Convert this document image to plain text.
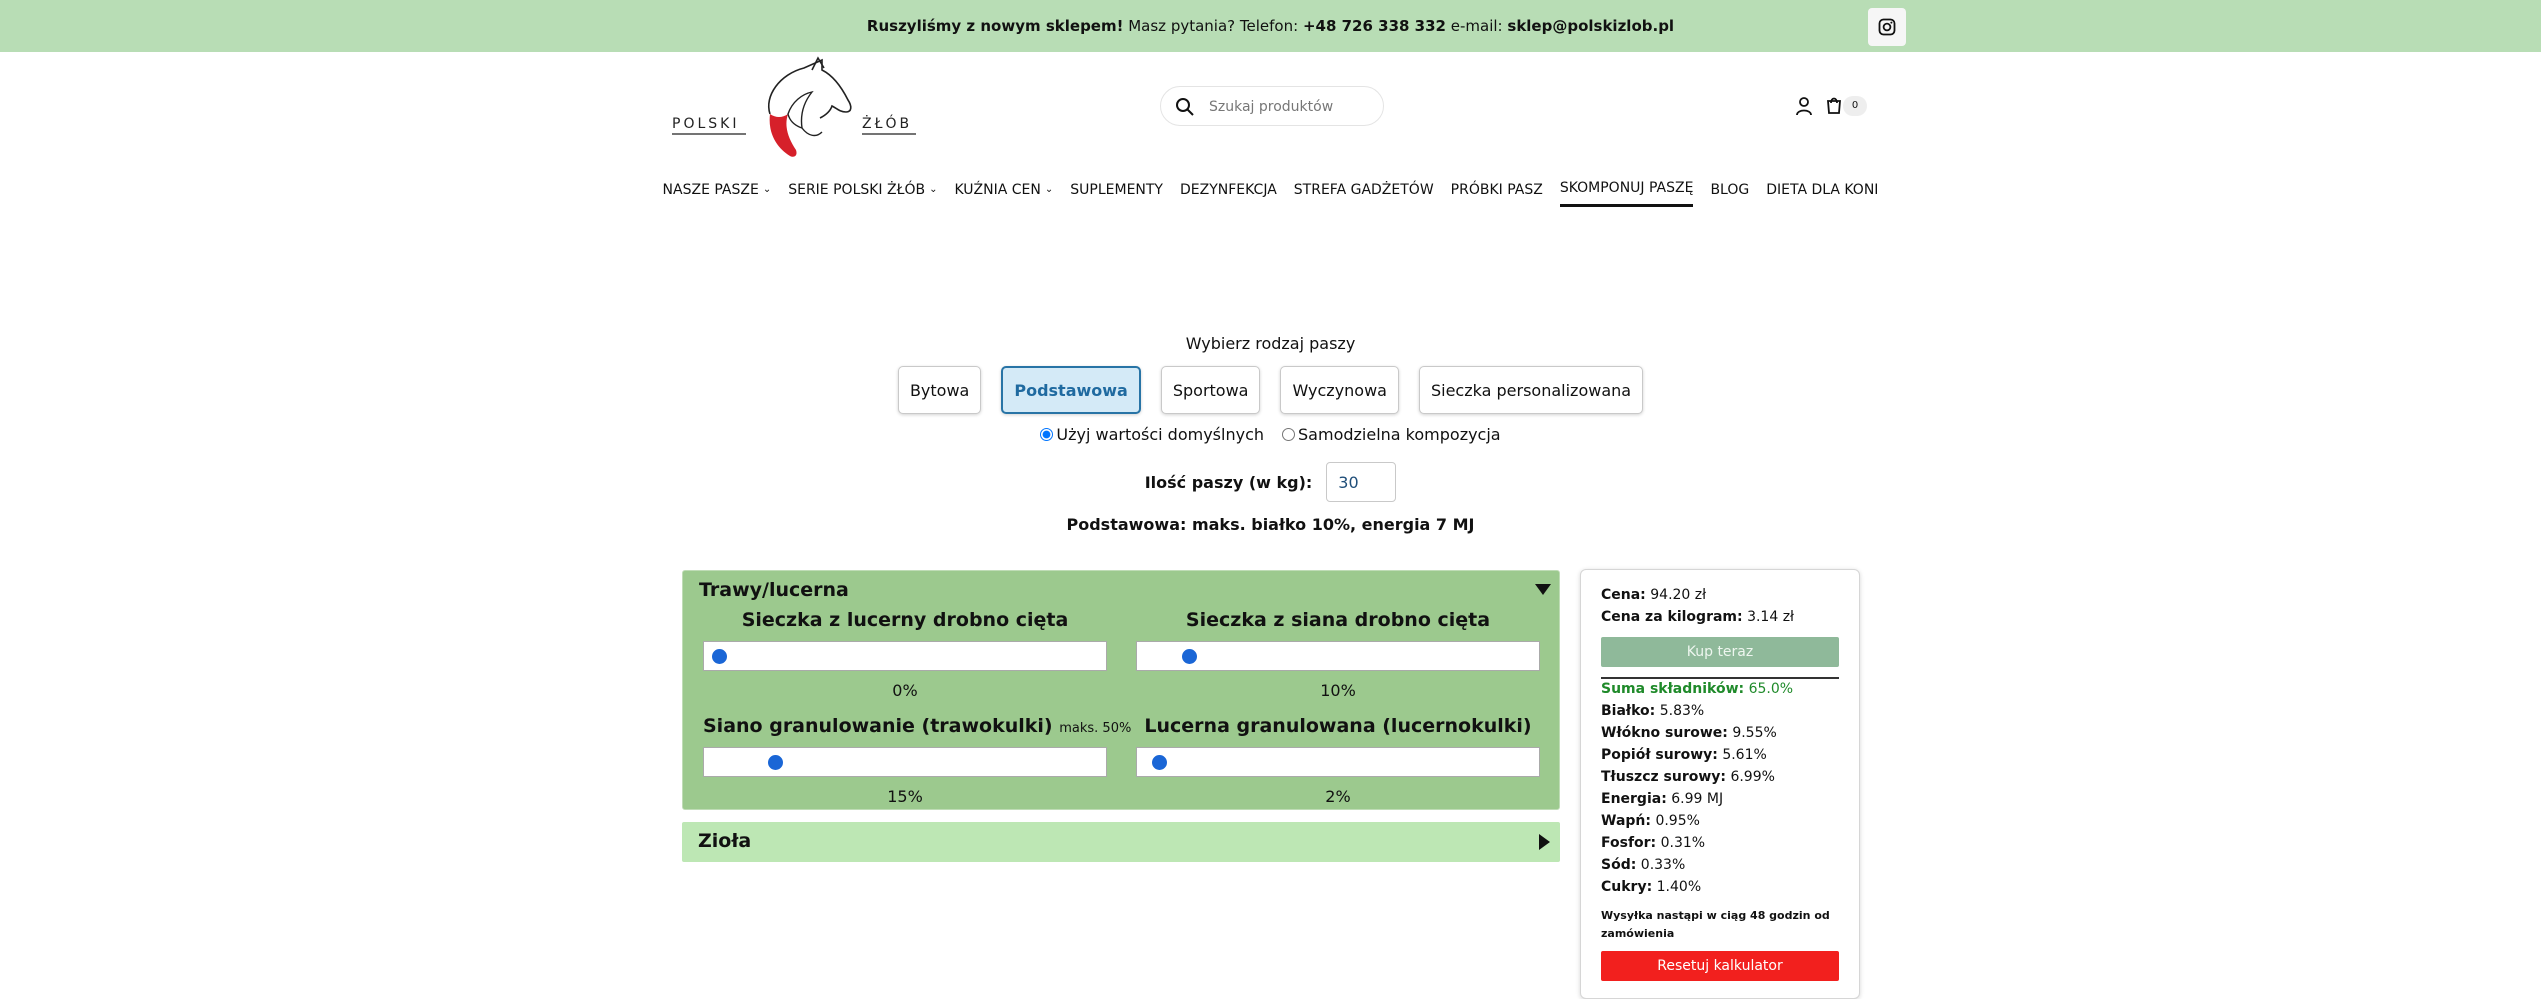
Ruszyliśmy z nowym sklepem! Masz pytania? Telefon: +48 726 338 332 e-mail: sklep@polskizlob.pl
POLSKI	ŻŁÓB
Szukaj produktów
0
NASZE PASZE ⌄ SERIE POLSKI ŻŁÓB ⌄ KUŹNIA CEN ⌄ SUPLEMENTY DEZYNFEKCJA STREFA GADŻETÓW PRÓBKI PASZ SKOMPONUJ PASZĘ BLOG DIETA DLA KONI
Wybierz rodzaj paszy
Bytowa	Podstawowa	Sportowa	Wyczynowa	Sieczka personalizowana
Użyj wartości domyślnych Samodzielna kompozycja
Ilość paszy (w kg):
30
Podstawowa: maks. białko 10%, energia 7 MJ
Trawy/lucerna
Sieczka z lucerny drobno cięta
0%
Sieczka z siana drobno cięta
10%
Siano granulowanie (trawokulki) maks. 50%
15%
Lucerna granulowana (lucernokulki)
2%
Zioła
Cena: 94.20 zł
Cena za kilogram: 3.14 zł
Kup teraz
Suma składników: 65.0%
Białko: 5.83%
Włókno surowe: 9.55%
Popiół surowy: 5.61%
Tłuszcz surowy: 6.99%
Energia: 6.99 MJ
Wapń: 0.95%
Fosfor: 0.31%
Sód: 0.33%
Cukry: 1.40%
Wysyłka nastąpi w ciąg 48 godzin od zamówienia
Resetuj kalkulator
